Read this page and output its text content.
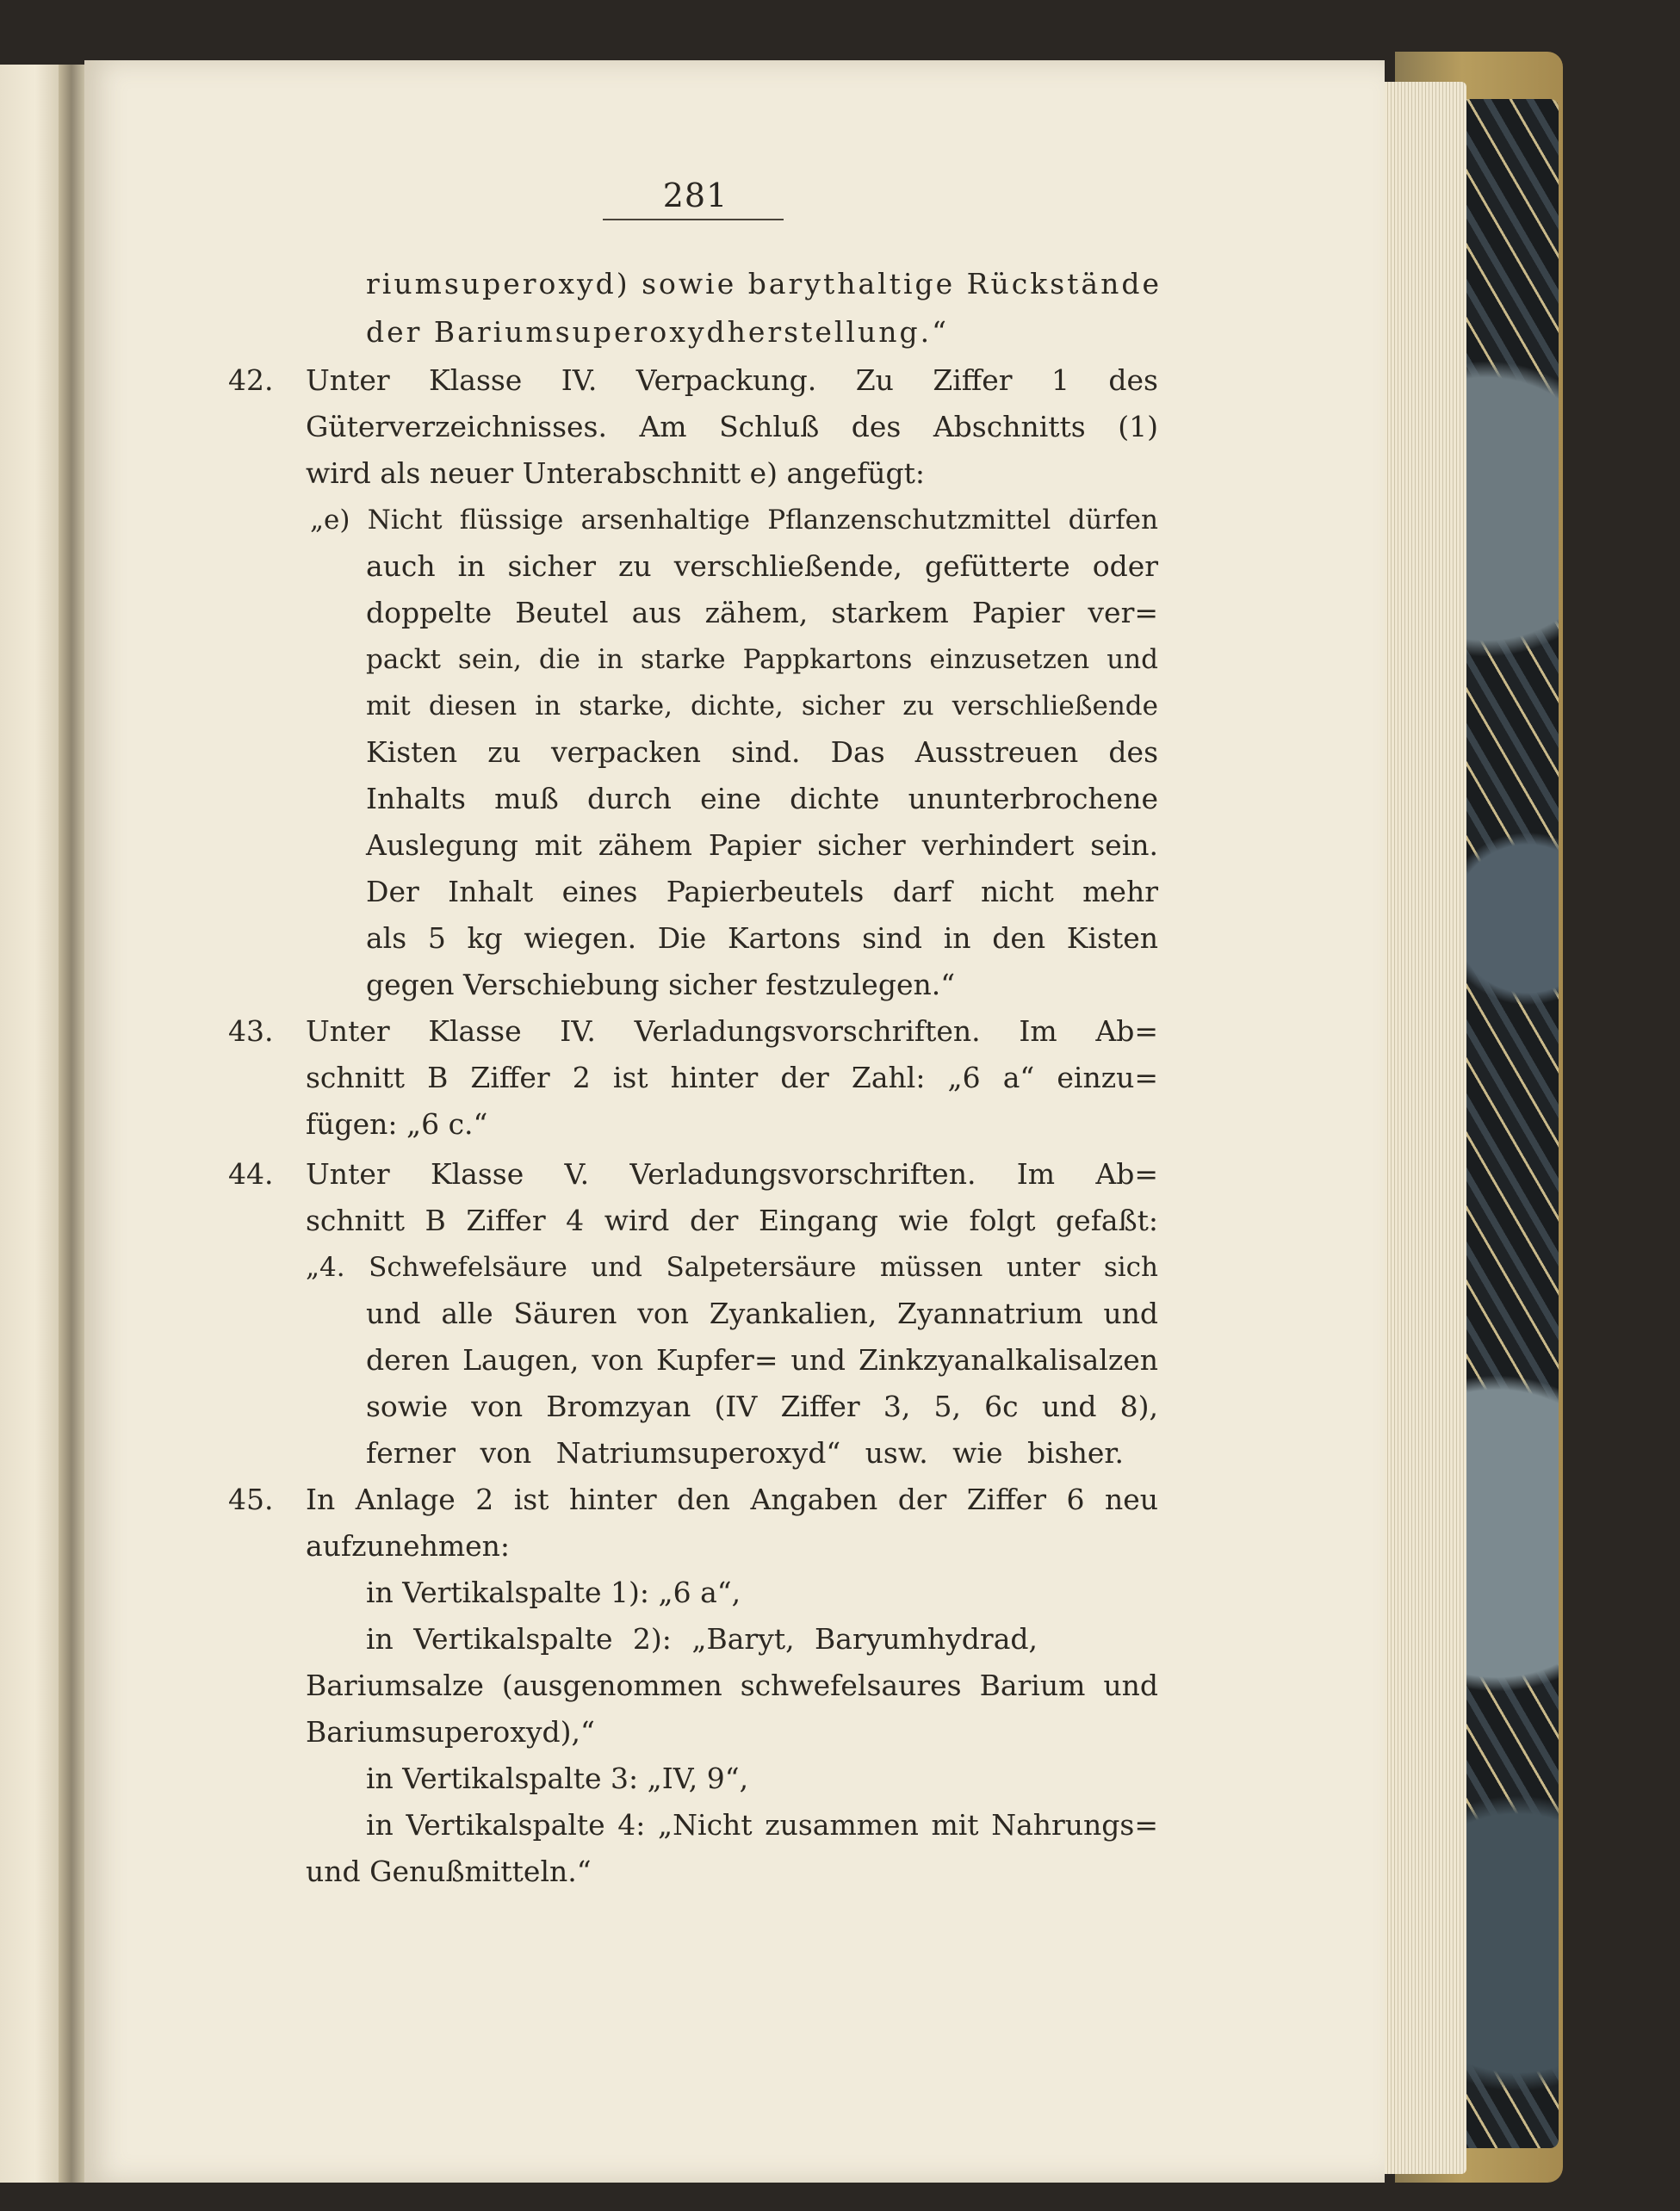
281
riumsuperoxyd) sowie barythaltige Rückstände
der Bariumsuperoxydherstellung.“
42. Unter Klasse IV. Verpackung. Zu Ziffer 1 des
Güterverzeichnisses. Am Schluß des Abschnitts (1)
wird als neuer Unterabschnitt e) angefügt:
„e) Nicht flüssige arsenhaltige Pflanzenschutzmittel dürfen
auch in sicher zu verschließende, gefütterte oder
doppelte Beutel aus zähem, starkem Papier ver=
packt sein, die in starke Pappkartons einzusetzen und
mit diesen in starke, dichte, sicher zu verschließende
Kisten zu verpacken sind. Das Ausstreuen des
Inhalts muß durch eine dichte ununterbrochene
Auslegung mit zähem Papier sicher verhindert sein.
Der Inhalt eines Papierbeutels darf nicht mehr
als 5 kg wiegen. Die Kartons sind in den Kisten
gegen Verschiebung sicher festzulegen.“
43. Unter Klasse IV. Verladungsvorschriften. Im Ab=
schnitt B Ziffer 2 ist hinter der Zahl: „6 a“ einzu=
fügen: „6 c.“
44. Unter Klasse V. Verladungsvorschriften. Im Ab=
schnitt B Ziffer 4 wird der Eingang wie folgt gefaßt:
„4. Schwefelsäure und Salpetersäure müssen unter sich
und alle Säuren von Zyankalien, Zyannatrium und
deren Laugen, von Kupfer= und Zinkzyanalkalisalzen
sowie von Bromzyan (IV Ziffer 3, 5, 6c und 8),
ferner von Natriumsuperoxyd“ usw. wie bisher.
45. In Anlage 2 ist hinter den Angaben der Ziffer 6 neu
aufzunehmen:
in Vertikalspalte 1): „6 a“,
in Vertikalspalte 2): „Baryt, Baryumhydrad,
Bariumsalze (ausgenommen schwefelsaures Barium und
Bariumsuperoxyd),“
in Vertikalspalte 3: „IV, 9“,
in Vertikalspalte 4: „Nicht zusammen mit Nahrungs=
und Genußmitteln.“
